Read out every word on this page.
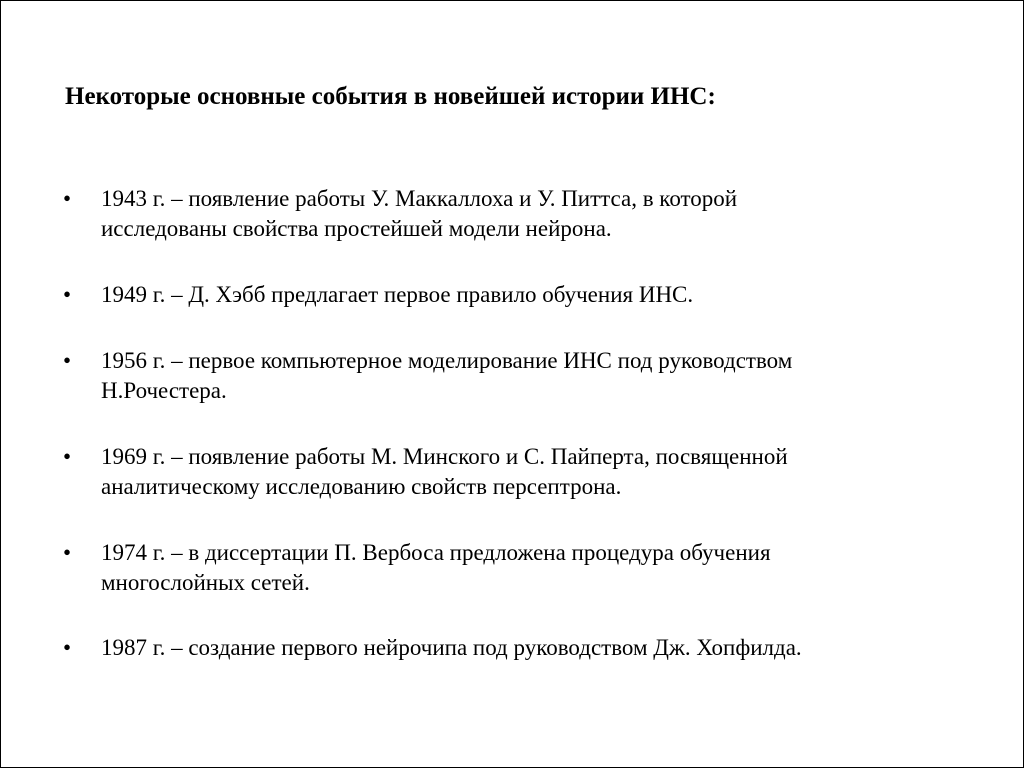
Некоторые основные события в новейшей истории ИНС:
•	1943 г. – появление работы У. Маккаллоха и У. Питтса, в которой
исследованы свойства простейшей модели нейрона.
•	1949 г. – Д. Хэбб предлагает первое правило обучения ИНС.
•	1956 г. – первое компьютерное моделирование ИНС под руководством
Н.Рочестера.
•	1969 г. – появление работы М. Минского и С. Пайперта, посвященной
аналитическому исследованию свойств персептрона.
•	1974 г. – в диссертации П. Вербоса предложена процедура обучения
многослойных сетей.
•	1987 г. – создание первого нейрочипа под руководством Дж. Хопфилда.
